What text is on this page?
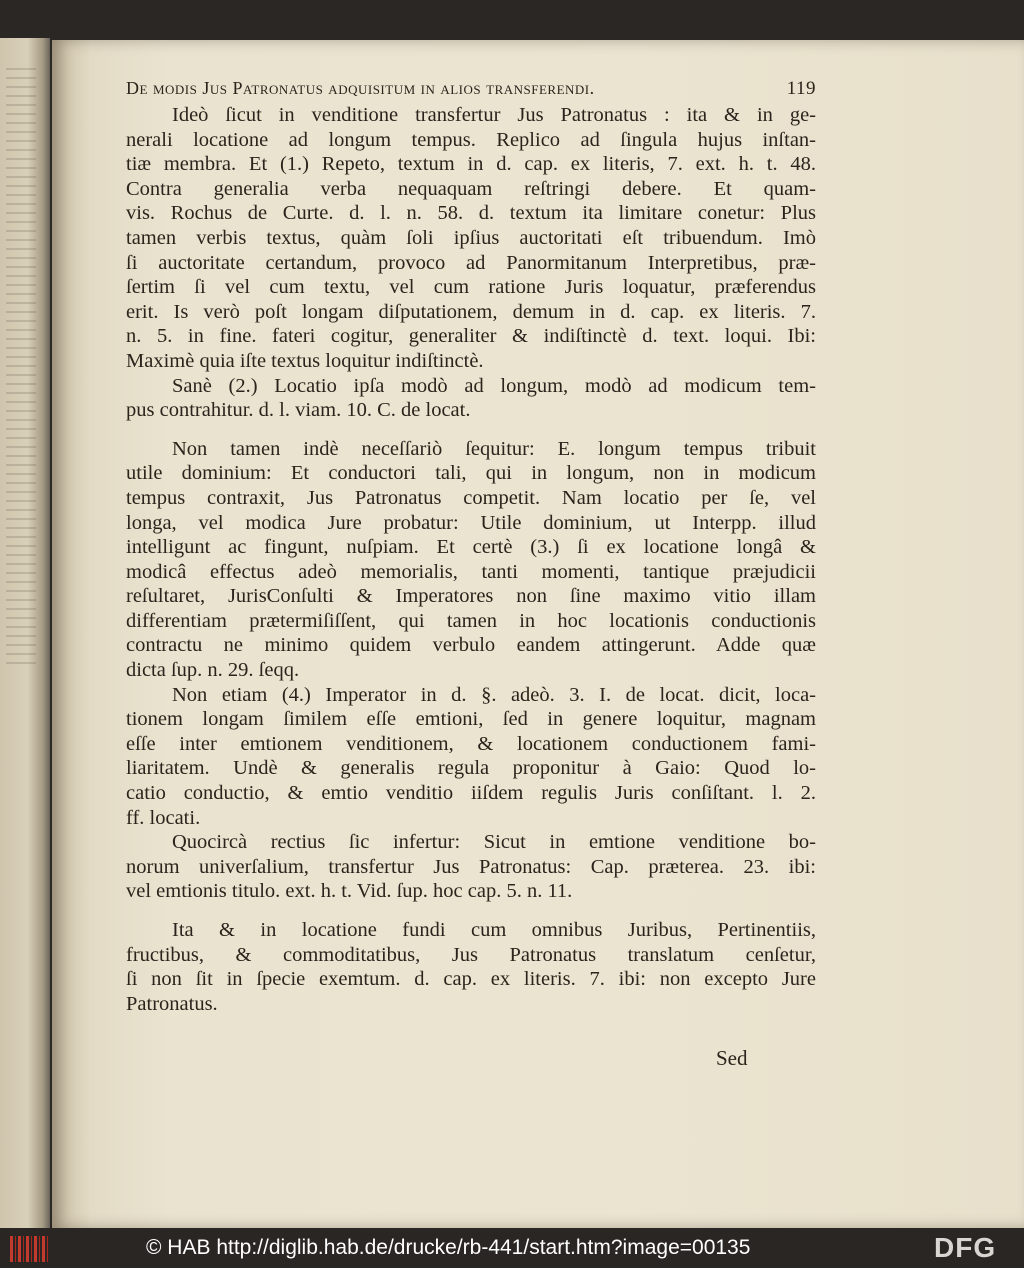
De modis Jus Patronatus adquisitum in alios transferendi.	119
Ideò ſicut in venditione transfertur Jus Patronatus : ita & in ge-
nerali locatione ad longum tempus. Replico ad ſingula hujus inſtan-
tiæ membra. Et (1.) Repeto, textum in d. cap. ex literis, 7. ext. h. t. 48.
Contra generalia verba nequaquam reſtringi debere. Et quam-
vis. Rochus de Curte. d. l. n. 58. d. textum ita limitare conetur: Plus
tamen verbis textus, quàm ſoli ipſius auctoritati eſt tribuendum. Imò
ſi auctoritate certandum, provoco ad Panormitanum Interpretibus, præ-
ſertim ſi vel cum textu, vel cum ratione Juris loquatur, præferendus
erit. Is verò poſt longam diſputationem, demum in d. cap. ex literis. 7.
n. 5. in fine. fateri cogitur, generaliter & indiſtinctè d. text. loqui. Ibi:
Maximè quia iſte textus loquitur indiſtinctè.
Sanè (2.) Locatio ipſa modò ad longum, modò ad modicum tem-
pus contrahitur. d. l. viam. 10. C. de locat.
Non tamen indè neceſſariò ſequitur: E. longum tempus tribuit
utile dominium: Et conductori tali, qui in longum, non in modicum
tempus contraxit, Jus Patronatus competit. Nam locatio per ſe, vel
longa, vel modica Jure probatur: Utile dominium, ut Interpp. illud
intelligunt ac fingunt, nuſpiam. Et certè (3.) ſi ex locatione longâ &
modicâ effectus adeò memorialis, tanti momenti, tantique præjudicii
reſultaret, JurisConſulti & Imperatores non ſine maximo vitio illam
differentiam prætermiſiſſent, qui tamen in hoc locationis conductionis
contractu ne minimo quidem verbulo eandem attingerunt. Adde quæ
dicta ſup. n. 29. ſeqq.
Non etiam (4.) Imperator in d. §. adeò. 3. I. de locat. dicit, loca-
tionem longam ſimilem eſſe emtioni, ſed in genere loquitur, magnam
eſſe inter emtionem venditionem, & locationem conductionem fami-
liaritatem. Undè & generalis regula proponitur à Gaio: Quod lo-
catio conductio, & emtio venditio iiſdem regulis Juris conſiſtant. l. 2.
ff. locati.
Quocircà rectius ſic infertur: Sicut in emtione venditione bo-
norum univerſalium, transfertur Jus Patronatus: Cap. præterea. 23. ibi:
vel emtionis titulo. ext. h. t. Vid. ſup. hoc cap. 5. n. 11.
Ita & in locatione fundi cum omnibus Juribus, Pertinentiis,
fructibus, & commoditatibus, Jus Patronatus translatum cenſetur,
ſi non ſit in ſpecie exemtum. d. cap. ex literis. 7. ibi: non excepto Jure
Patronatus.
Sed
© HAB http://diglib.hab.de/drucke/rb-441/start.htm?image=00135	DFG
